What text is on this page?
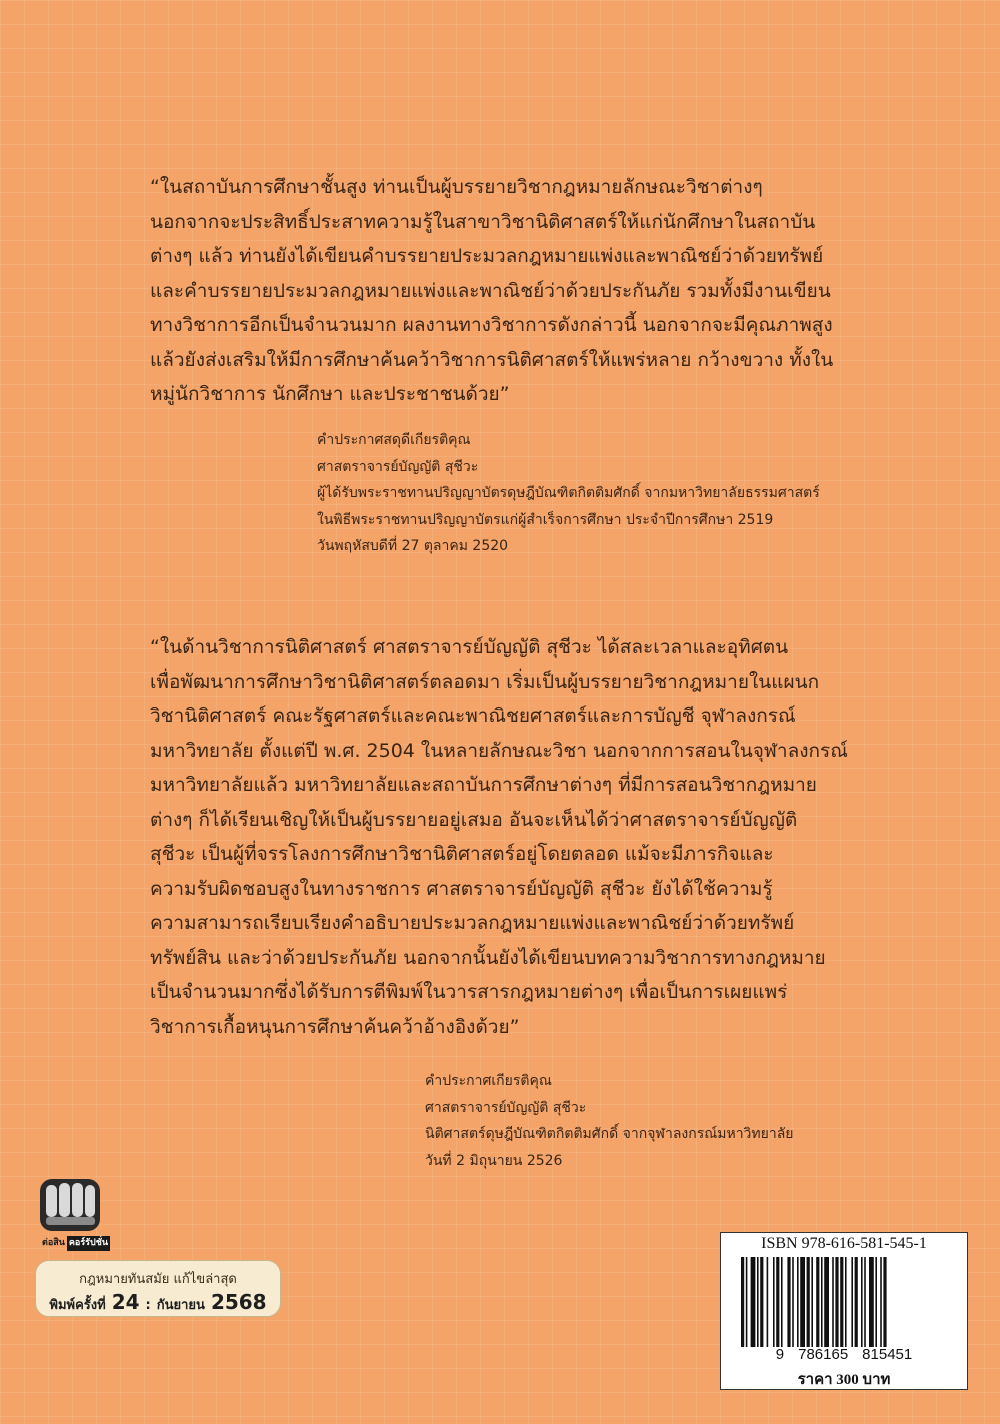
“ในสถาบันการศึกษาชั้นสูง ท่านเป็นผู้บรรยายวิชากฎหมายลักษณะวิชาต่างๆ
นอกจากจะประสิทธิ์ประสาทความรู้ในสาขาวิชานิติศาสตร์ให้แก่นักศึกษาในสถาบัน
ต่างๆ แล้ว ท่านยังได้เขียนคำบรรยายประมวลกฎหมายแพ่งและพาณิชย์ว่าด้วยทรัพย์
และคำบรรยายประมวลกฎหมายแพ่งและพาณิชย์ว่าด้วยประกันภัย รวมทั้งมีงานเขียน
ทางวิชาการอีกเป็นจำนวนมาก ผลงานทางวิชาการดังกล่าวนี้ นอกจากจะมีคุณภาพสูง
แล้วยังส่งเสริมให้มีการศึกษาค้นคว้าวิชาการนิติศาสตร์ให้แพร่หลาย กว้างขวาง ทั้งใน
หมู่นักวิชาการ นักศึกษา และประชาชนด้วย”
คำประกาศสดุดีเกียรติคุณ
ศาสตราจารย์บัญญัติ สุชีวะ
ผู้ได้รับพระราชทานปริญญาบัตรดุษฎีบัณฑิตกิตติมศักดิ์ จากมหาวิทยาลัยธรรมศาสตร์
ในพิธีพระราชทานปริญญาบัตรแก่ผู้สำเร็จการศึกษา ประจำปีการศึกษา 2519
วันพฤหัสบดีที่ 27 ตุลาคม 2520
“ในด้านวิชาการนิติศาสตร์ ศาสตราจารย์บัญญัติ สุชีวะ ได้สละเวลาและอุทิศตน
เพื่อพัฒนาการศึกษาวิชานิติศาสตร์ตลอดมา เริ่มเป็นผู้บรรยายวิชากฎหมายในแผนก
วิชานิติศาสตร์ คณะรัฐศาสตร์และคณะพาณิชยศาสตร์และการบัญชี จุฬาลงกรณ์
มหาวิทยาลัย ตั้งแต่ปี พ.ศ. 2504 ในหลายลักษณะวิชา นอกจากการสอนในจุฬาลงกรณ์
มหาวิทยาลัยแล้ว มหาวิทยาลัยและสถาบันการศึกษาต่างๆ ที่มีการสอนวิชากฎหมาย
ต่างๆ ก็ได้เรียนเชิญให้เป็นผู้บรรยายอยู่เสมอ อันจะเห็นได้ว่าศาสตราจารย์บัญญัติ
สุชีวะ เป็นผู้ที่จรรโลงการศึกษาวิชานิติศาสตร์อยู่โดยตลอด แม้จะมีภารกิจและ
ความรับผิดชอบสูงในทางราชการ ศาสตราจารย์บัญญัติ สุชีวะ ยังได้ใช้ความรู้
ความสามารถเรียบเรียงคำอธิบายประมวลกฎหมายแพ่งและพาณิชย์ว่าด้วยทรัพย์
ทรัพย์สิน และว่าด้วยประกันภัย นอกจากนั้นยังได้เขียนบทความวิชาการทางกฎหมาย
เป็นจำนวนมากซึ่งได้รับการตีพิมพ์ในวารสารกฎหมายต่างๆ เพื่อเป็นการเผยแพร่
วิชาการเกื้อหนุนการศึกษาค้นคว้าอ้างอิงด้วย”
คำประกาศเกียรติคุณ
ศาสตราจารย์บัญญัติ สุชีวะ
นิติศาสตร์ดุษฎีบัณฑิตกิตติมศักดิ์ จากจุฬาลงกรณ์มหาวิทยาลัย
วันที่ 2 มิถุนายน 2526
ต่อสิน คอร์รัปชั่น
กฎหมายทันสมัย แก้ไขล่าสุด
พิมพ์ครั้งที่ 24 : กันยายน 2568
ISBN 978-616-581-545-1
9 786165 815451
ราคา 300 บาท
